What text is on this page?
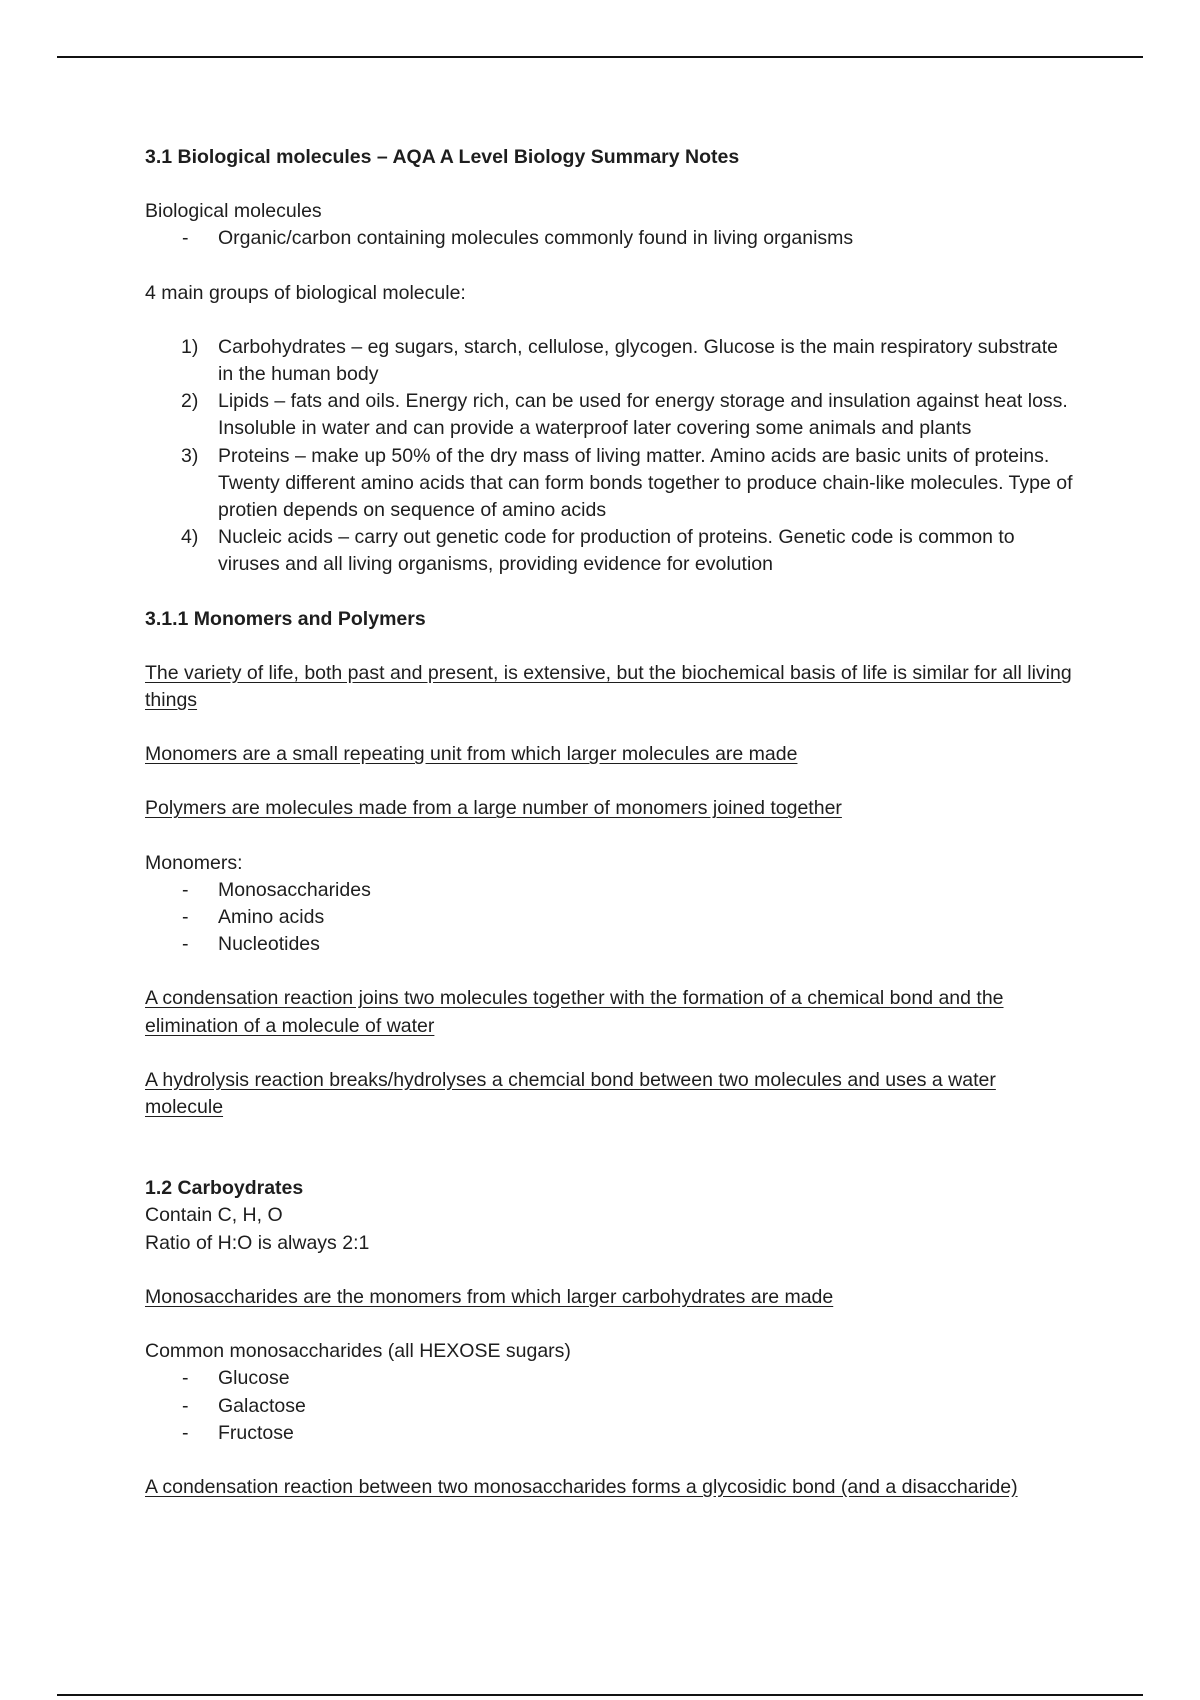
3.1 Biological molecules – AQA A Level Biology Summary Notes
Biological molecules
- Organic/carbon containing molecules commonly found in living organisms
4 main groups of biological molecule:
1) Carbohydrates – eg sugars, starch, cellulose, glycogen. Glucose is the main respiratory substrate in the human body
2) Lipids – fats and oils. Energy rich, can be used for energy storage and insulation against heat loss. Insoluble in water and can provide a waterproof later covering some animals and plants
3) Proteins – make up 50% of the dry mass of living matter. Amino acids are basic units of proteins. Twenty different amino acids that can form bonds together to produce chain-like molecules. Type of protien depends on sequence of amino acids
4) Nucleic acids – carry out genetic code for production of proteins. Genetic code is common to viruses and all living organisms, providing evidence for evolution
3.1.1 Monomers and Polymers
The variety of life, both past and present, is extensive, but the biochemical basis of life is similar for all living things
Monomers are a small repeating unit from which larger molecules are made
Polymers are molecules made from a large number of monomers joined together
Monomers:
- Monosaccharides
- Amino acids
- Nucleotides
A condensation reaction joins two molecules together with the formation of a chemical bond and the elimination of a molecule of water
A hydrolysis reaction breaks/hydrolyses a chemcial bond between two molecules and uses a water molecule
1.2 Carboydrates
Contain C, H, O
Ratio of H:O is always 2:1
Monosaccharides are the monomers from which larger carbohydrates are made
Common monosaccharides (all HEXOSE sugars)
- Glucose
- Galactose
- Fructose
A condensation reaction between two monosaccharides forms a glycosidic bond (and a disaccharide)
